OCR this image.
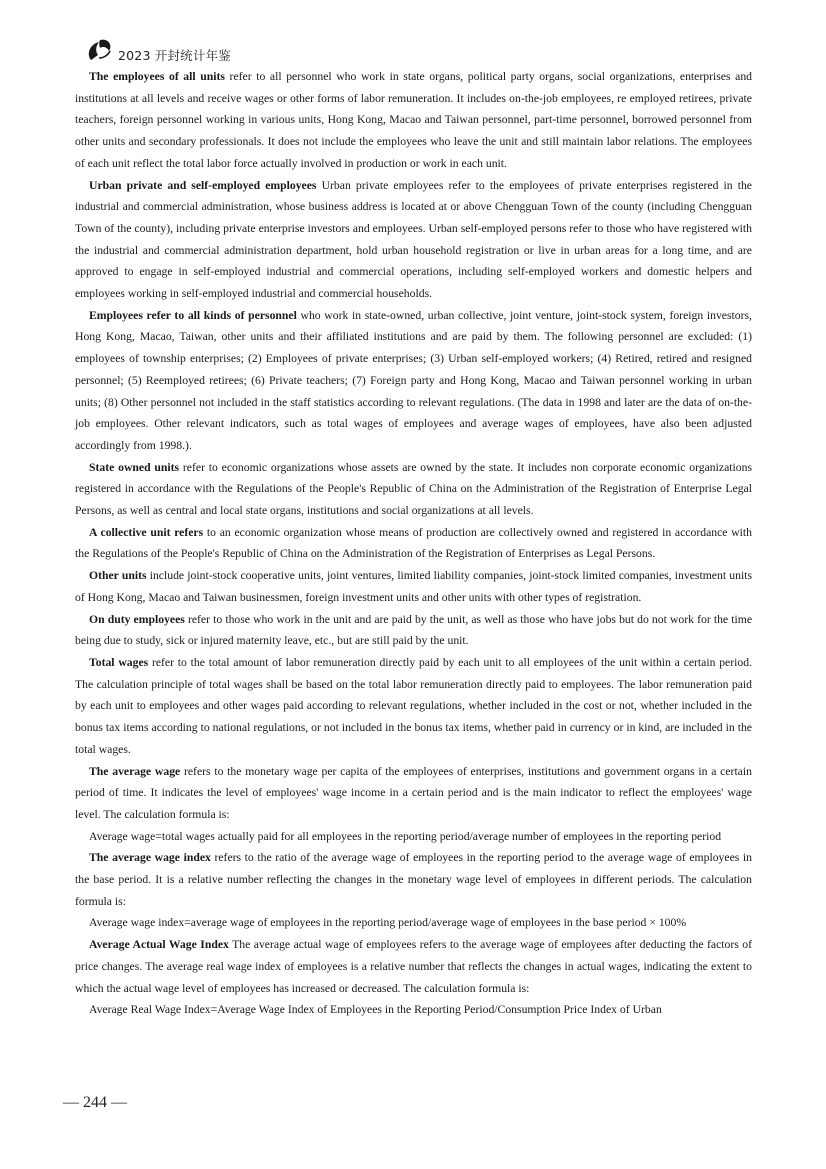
2023 开封统计年鉴

The employees of all units refer to all personnel who work in state organs, political party organs, social organizations, enterprises and institutions at all levels and receive wages or other forms of labor remuneration. It includes on-the-job employees, re employed retirees, private teachers, foreign personnel working in various units, Hong Kong, Macao and Taiwan personnel, part-time personnel, borrowed personnel from other units and secondary professionals. It does not include the employees who leave the unit and still maintain labor relations. The employees of each unit reflect the total labor force actually involved in production or work in each unit.

Urban private and self-employed employees Urban private employees refer to the employees of private enterprises registered in the industrial and commercial administration, whose business address is located at or above Chengguan Town of the county (including Chengguan Town of the county), including private enterprise investors and employees. Urban self-employed persons refer to those who have registered with the industrial and commercial administration department, hold urban household registration or live in urban areas for a long time, and are approved to engage in self-employed industrial and commercial operations, including self-employed workers and domestic helpers and employees working in self-employed industrial and commercial households.

Employees refer to all kinds of personnel who work in state-owned, urban collective, joint venture, joint-stock system, foreign investors, Hong Kong, Macao, Taiwan, other units and their affiliated institutions and are paid by them. The following personnel are excluded: (1) employees of township enterprises; (2) Employees of private enterprises; (3) Urban self-employed workers; (4) Retired, retired and resigned personnel; (5) Reemployed retirees; (6) Private teachers; (7) Foreign party and Hong Kong, Macao and Taiwan personnel working in urban units; (8) Other personnel not included in the staff statistics according to relevant regulations. (The data in 1998 and later are the data of on-the-job employees. Other relevant indicators, such as total wages of employees and average wages of employees, have also been adjusted accordingly from 1998.).

State owned units refer to economic organizations whose assets are owned by the state. It includes non corporate economic organizations registered in accordance with the Regulations of the People's Republic of China on the Administration of the Registration of Enterprise Legal Persons, as well as central and local state organs, institutions and social organizations at all levels.

A collective unit refers to an economic organization whose means of production are collectively owned and registered in accordance with the Regulations of the People's Republic of China on the Administration of the Registration of Enterprises as Legal Persons.

Other units include joint-stock cooperative units, joint ventures, limited liability companies, joint-stock limited companies, investment units of Hong Kong, Macao and Taiwan businessmen, foreign investment units and other units with other types of registration.

On duty employees refer to those who work in the unit and are paid by the unit, as well as those who have jobs but do not work for the time being due to study, sick or injured maternity leave, etc., but are still paid by the unit.

Total wages refer to the total amount of labor remuneration directly paid by each unit to all employees of the unit within a certain period. The calculation principle of total wages shall be based on the total labor remuneration directly paid to employees. The labor remuneration paid by each unit to employees and other wages paid according to relevant regulations, whether included in the cost or not, whether included in the bonus tax items according to national regulations, or not included in the bonus tax items, whether paid in currency or in kind, are included in the total wages.

The average wage refers to the monetary wage per capita of the employees of enterprises, institutions and government organs in a certain period of time. It indicates the level of employees' wage income in a certain period and is the main indicator to reflect the employees' wage level. The calculation formula is:

Average wage=total wages actually paid for all employees in the reporting period/average number of employees in the reporting period

The average wage index refers to the ratio of the average wage of employees in the reporting period to the average wage of employees in the base period. It is a relative number reflecting the changes in the monetary wage level of employees in different periods. The calculation formula is:

Average wage index=average wage of employees in the reporting period/average wage of employees in the base period × 100%

Average Actual Wage Index The average actual wage of employees refers to the average wage of employees after deducting the factors of price changes. The average real wage index of employees is a relative number that reflects the changes in actual wages, indicating the extent to which the actual wage level of employees has increased or decreased. The calculation formula is:

Average Real Wage Index=Average Wage Index of Employees in the Reporting Period/Consumption Price Index of Urban

— 244 —
